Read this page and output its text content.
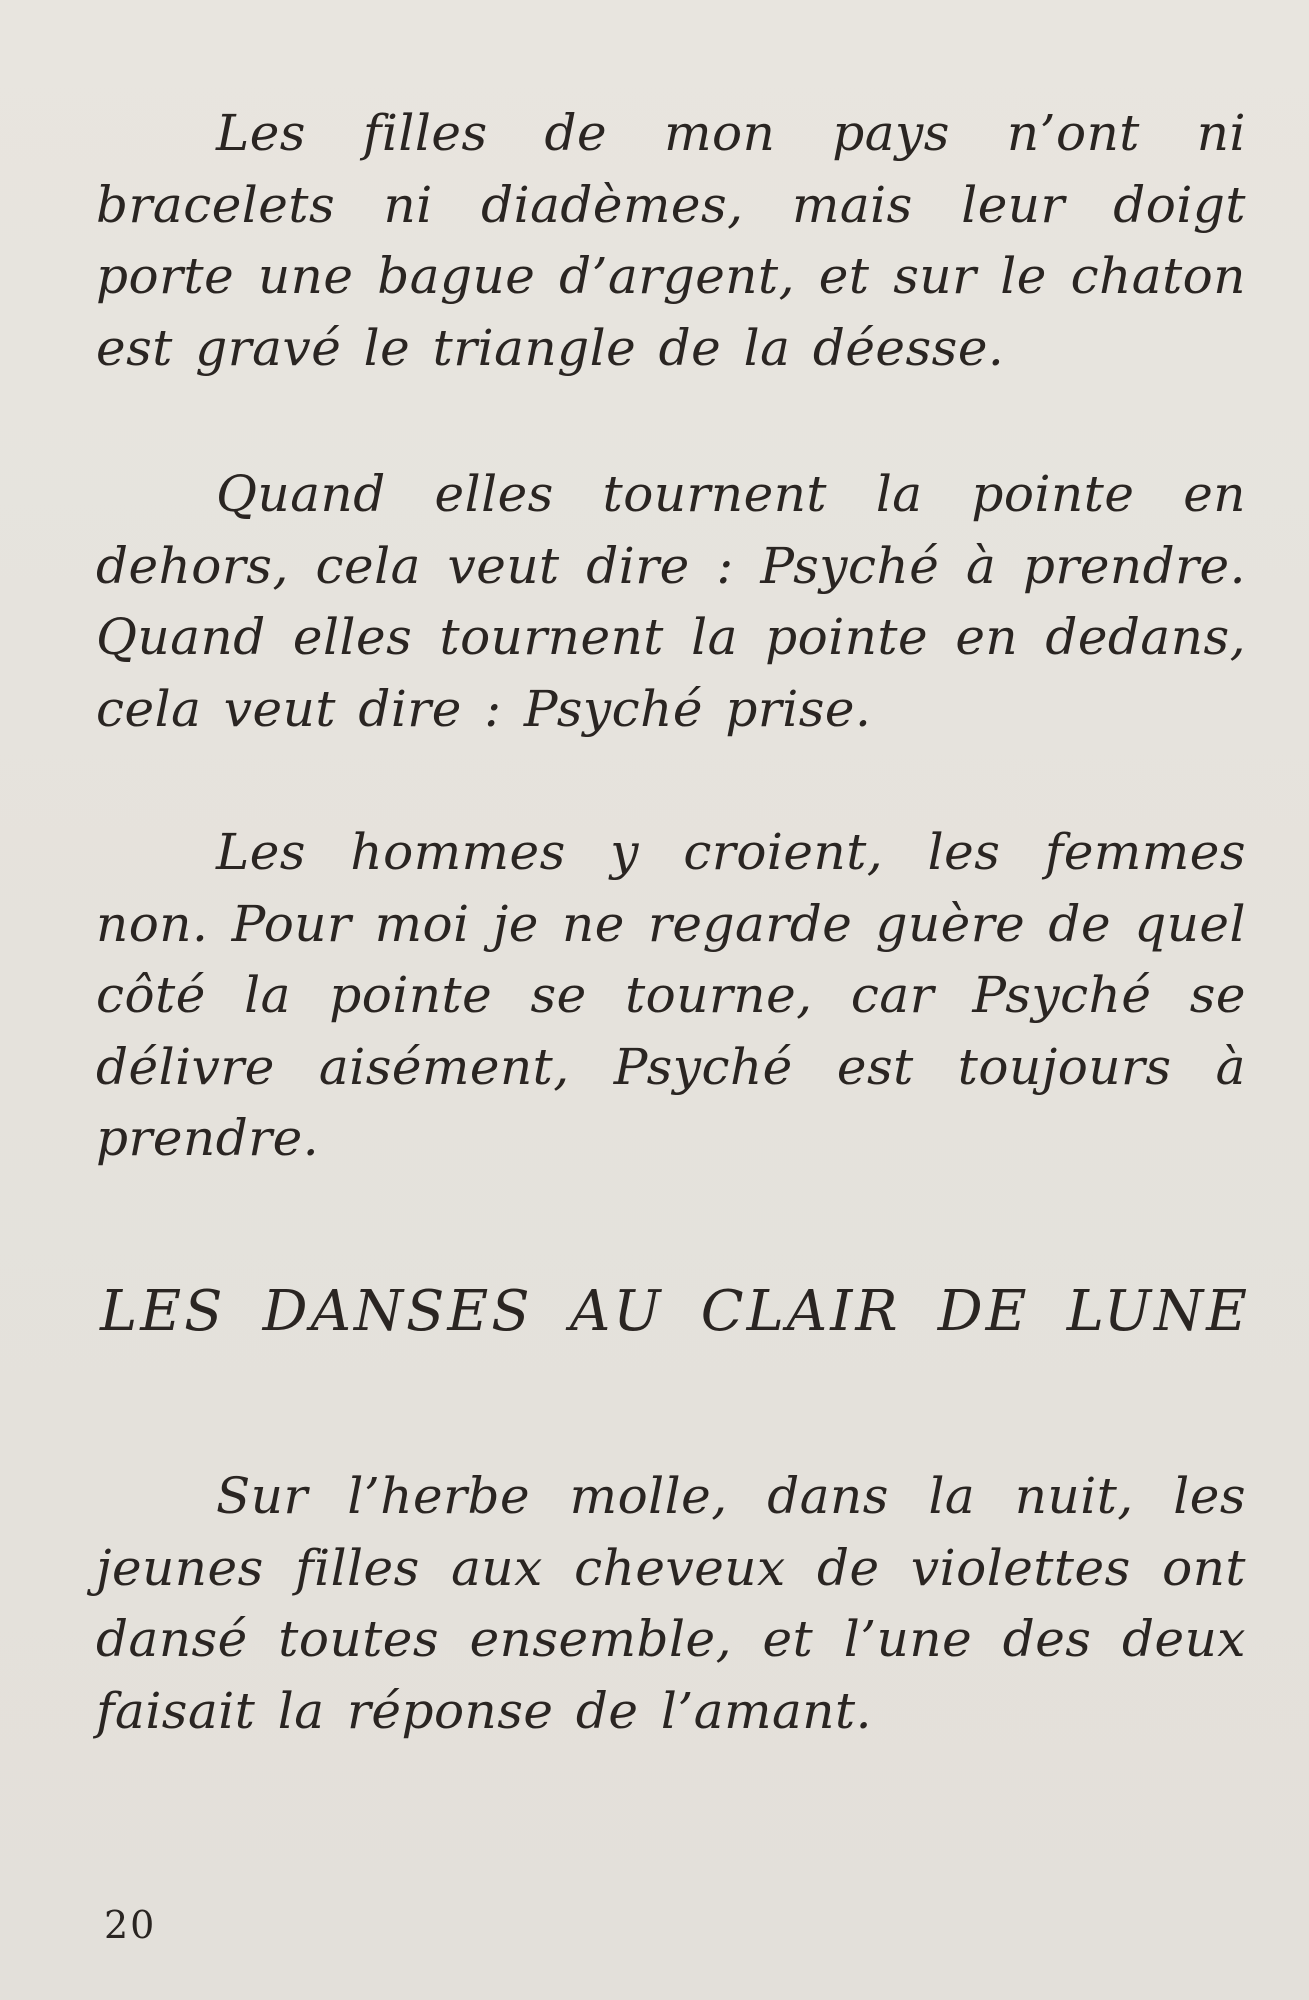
Les filles de mon pays n’ont ni bracelets ni diadèmes, mais leur doigt porte une bague d’argent, et sur le chaton est gravé le triangle de la déesse.

Quand elles tournent la pointe en dehors, cela veut dire : Psyché à prendre. Quand elles tournent la pointe en dedans, cela veut dire : Psyché prise.

Les hommes y croient, les femmes non. Pour moi je ne regarde guère de quel côté la pointe se tourne, car Psyché se délivre aisément, Psyché est toujours à prendre.

LES DANSES AU CLAIR DE LUNE

Sur l’herbe molle, dans la nuit, les jeunes filles aux cheveux de violettes ont dansé toutes ensemble, et l’une des deux faisait la réponse de l’amant.

20
